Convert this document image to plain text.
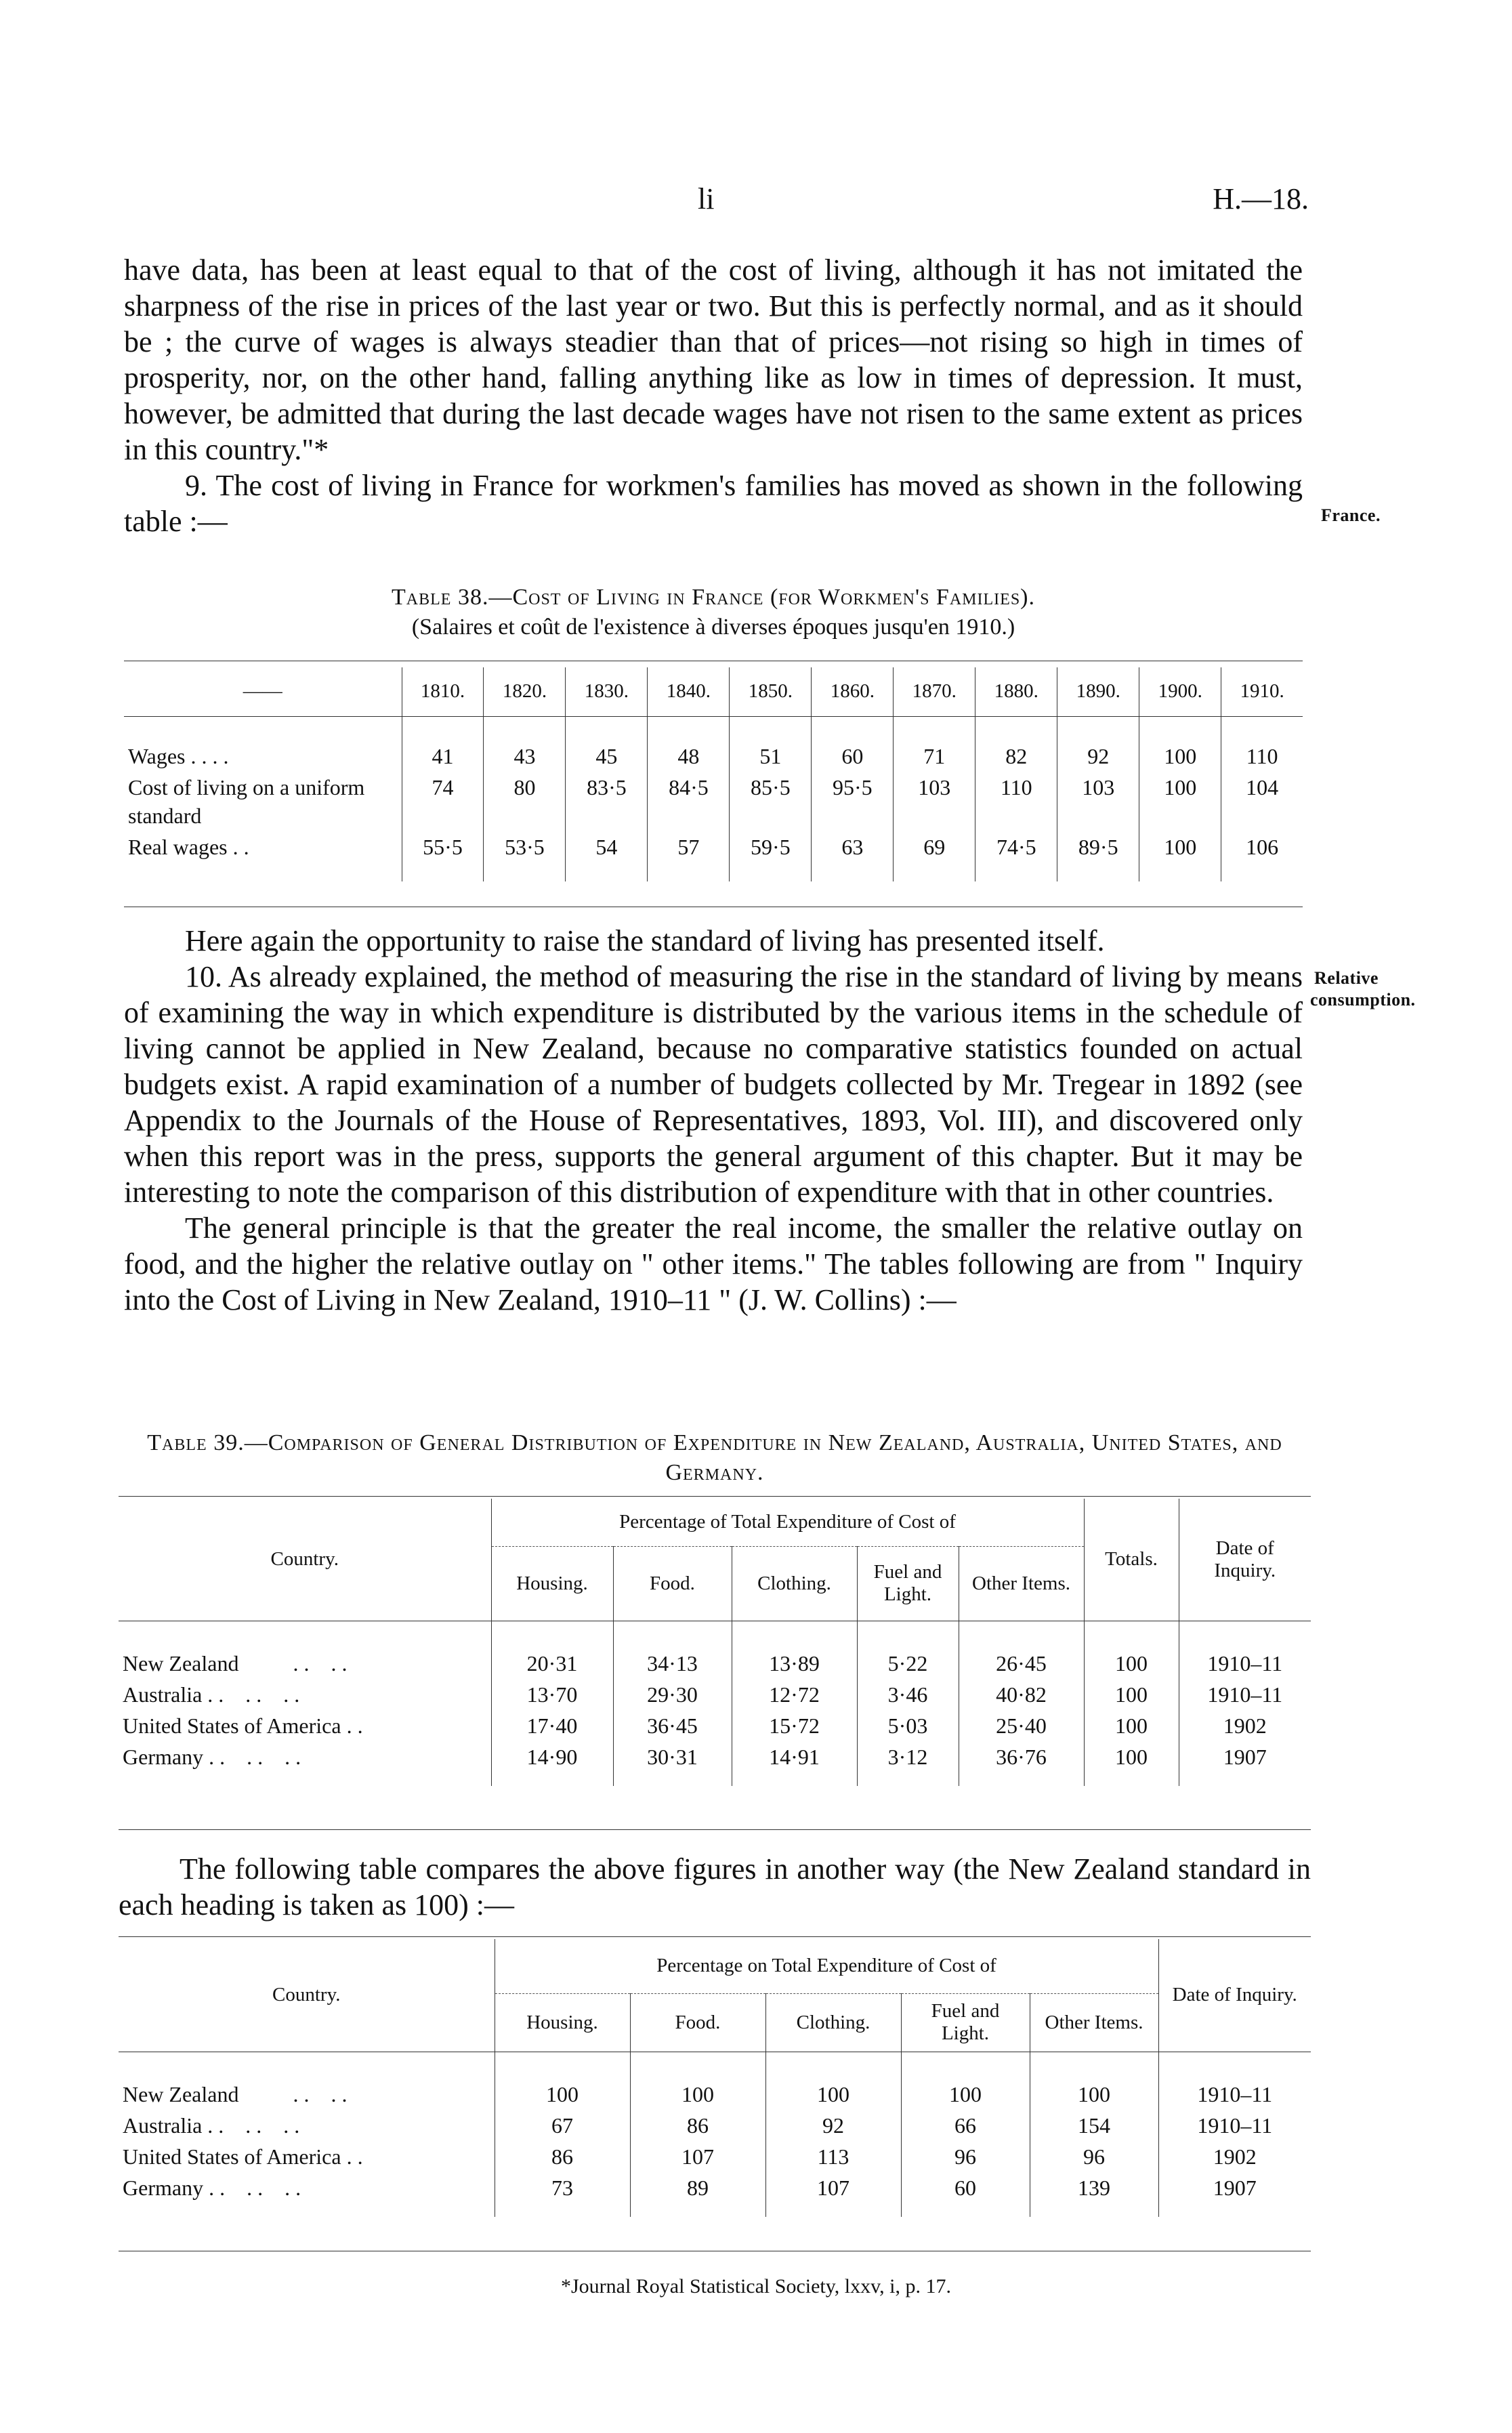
li	H.—18.

have data, has been at least equal to that of the cost of living, although it has not imitated the sharpness of the rise in prices of the last year or two. But this is perfectly normal, and as it should be ; the curve of wages is always steadier than that of prices—not rising so high in times of prosperity, nor, on the other hand, falling anything like as low in times of depression. It must, however, be admitted that during the last decade wages have not risen to the same extent as prices in this country."*

9. The cost of living in France for workmen's families has moved as shown in the following table :—	France.
Table 38.—Cost of Living in France (for Workmen's Families).
(Salaires et coût de l'existence à diverses époques jusqu'en 1910.)
——	1810.	1820.	1830.	1840.	1850.	1860.	1870.	1880.	1890.	1900.	1910.

Wages . .	41	43	45	48	51	60	71	82	92	100	110
Cost of living on a uniform standard	74	80	83·5	84·5	85·5	95·5	103	110	103	100	104
Real wages . .	55·5	53·5	54	57	59·5	63	69	74·5	89·5	100	106

Here again the opportunity to raise the standard of living has presented itself.

10. As already explained, the method of measuring the rise in the standard of living by means of examining the way in which expenditure is distributed by the various items in the schedule of living cannot be applied in New Zealand, because no comparative statistics founded on actual budgets exist. A rapid examination of a number of budgets collected by Mr. Tregear in 1892 (see Appendix to the Journals of the House of Representatives, 1893, Vol. III), and discovered only when this report was in the press, supports the general argument of this chapter. But it may be interesting to note the comparison of this distribution of expenditure with that in other countries.

The general principle is that the greater the real income, the smaller the relative outlay on food, and the higher the relative outlay on " other items." The tables following are from " Inquiry into the Cost of Living in New Zealand, 1910–11 " (J. W. Collins) :—

Relative
consumption.
Table 39.—Comparison of General Distribution of Expenditure in New Zealand, Australia, United States, and Germany.
Country.	Percentage of Total Expenditure of Cost of					Totals.	Date of Inquiry.
	Housing.	Food.	Clothing.	Fuel and Light.	Other Items.		

New Zealand . .    . .	20·31	34·13	13·89	5·22	26·45	100	1910–11
Australia . .    . .    . .	13·70	29·30	12·72	3·46	40·82	100	1910–11
United States of America . .	17·40	36·45	15·72	5·03	25·40	100	1902
Germany . .    . .    . .	14·90	30·31	14·91	3·12	36·76	100	1907

The following table compares the above figures in another way (the New Zealand standard in each heading is taken as 100) :—

Country.	Percentage on Total Expenditure of Cost of					Date of Inquiry.
	Housing.	Food.	Clothing.	Fuel and Light.	Other Items.	

New Zealand . .    . .	100	100	100	100	100	1910–11
Australia . .    . .    . .	67	86	92	66	154	1910–11
United States of America . .	86	107	113	96	96	1902
Germany . .    . .    . .	73	89	107	60	139	1907

*Journal Royal Statistical Society, lxxv, i, p. 17.
